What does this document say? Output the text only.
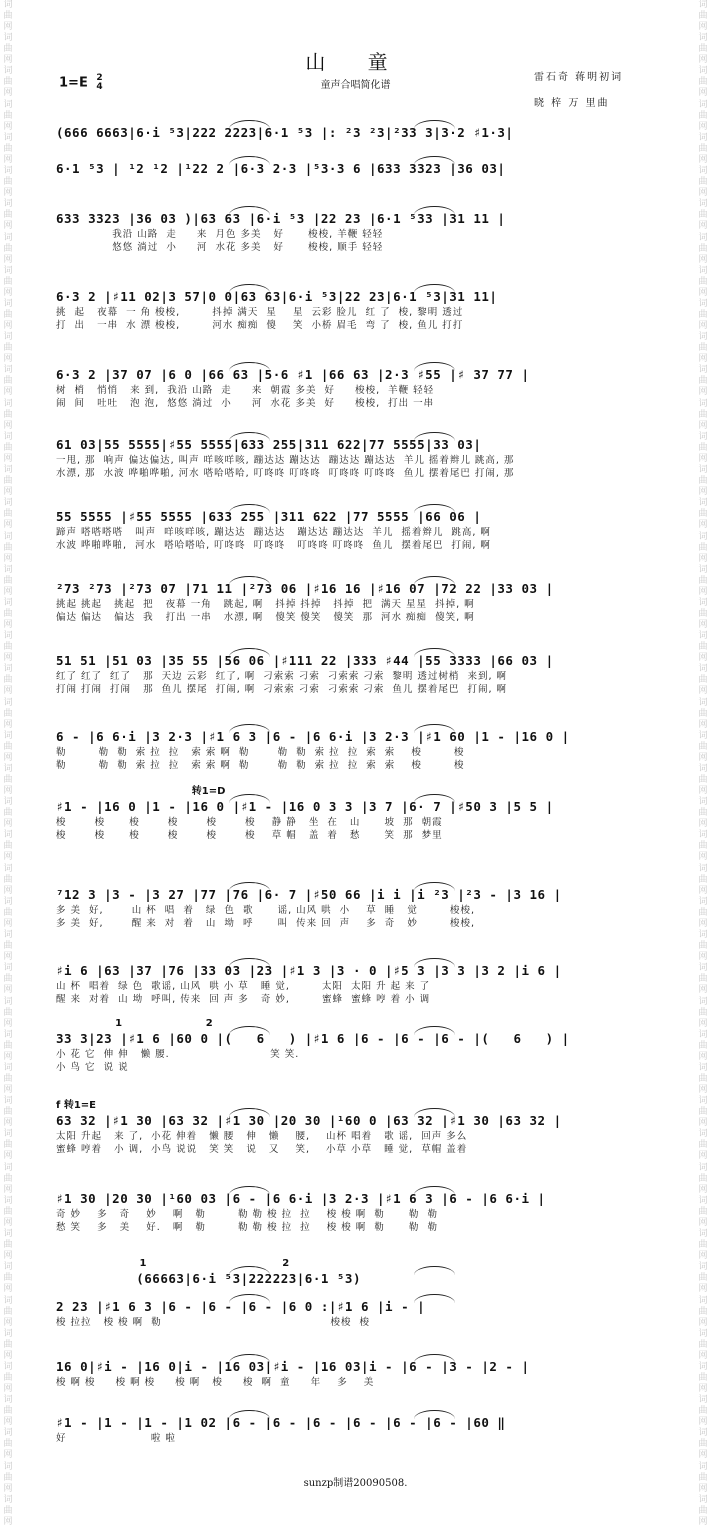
词
曲
网
词
曲
网
词
曲
网
词
曲
网
词
曲
网
词
曲
网
词
曲
网
词
曲
网
词
曲
网
词
曲
网
词
曲
网
词
曲
网
词
曲
网
词
曲
网
词
曲
网
词
曲
网
词
曲
网
词
曲
网
词
曲
网
词
曲
网
词
曲
网
词
曲
网
词
曲
网
词
曲
网
词
曲
网
词
曲
网
词
曲
网
词
曲
网
词
曲
网
词
曲
网
词
曲
网
词
曲
网
词
曲
网
词
曲
网
词
曲
网
词
曲
网
词
曲
网
词
曲
网
词
曲
网
词
曲
网
词
曲
网
词
曲
网
词
曲
网
词
曲
网
词
曲
网
词
曲
网
词
曲
网
词
曲
网
词
曲
网
词
曲
网
词
曲
网
词
曲
网
词
曲
网
词
曲
网
词
曲
网
词
曲
网
词
曲
网
词
曲
网
词
曲
网
词
曲
网
词
曲
网
词
曲
网
词
曲
网
词
曲
网
词
曲
网
词
曲
网
词
曲
网
词
曲
网
词
曲
网
词
曲
网
词
曲
网
词
曲
网
词
曲
网
词
曲
网
词
曲
网
词
曲
网
词
曲
网
词
曲
网
词
曲
网
词
曲
网
词
曲
网
词
曲
网
词
曲
网
词
曲
网
词
曲
网
词
曲
网
词
曲
网
词
曲
网
词
曲
网
词
曲
网
词
曲
网
词
曲
网
山 童
1=E 2
4	童声合唱简化谱
雷石奇 蒋明初词
晓 梓 万 里曲
(666 6663|6·i ⁵3|222 2223|6·1 ⁵3 |: ²3 ²3|²33 3|3·2 ♯1·3|
6·1 ⁵3 | ¹2 ¹2 |¹22 2 |6·3 2·3 |⁵3·3 6 |633 3323 |36 03|
633 3323 |36 03 )|63 63 |6·i ⁵3 |22 23 |6·1 ⁵33 |31 11 |
我沿 山路  走     来  月色 多美   好      梭梭, 羊鞭 轻轻
悠悠 淌过  小     河  水花 多美   好      梭梭, 顺手 轻轻
6·3 2 |♯11 02|3 57|0 0|63 63|6·i ⁵3|22 23|6·1 ⁵3|31 11|
挑  起   夜幕  一 角 梭梭,        抖掉 满天  星    星  云彩 脸儿  红 了  梭, 黎明 透过
打  出   一串  水 漂 梭梭,        河水 痴痴  傻    笑  小桥 眉毛  弯 了  梭, 鱼儿 打打
6·3 2 |37 07 |6 0 |66 63 |5·6 ♯1 |66 63 |2·3 ♯55 |♯ 37 77 |
树  梢   悄悄   来 到,  我沿 山路  走     来  朝霞 多美  好     梭梭,  羊鞭 轻轻
闹  间   吐吐   泡 泡,  悠悠 淌过  小     河  水花 多美  好     梭梭,  打出 一串
61 03|55 5555|♯55 5555|633 255|311 622|77 5555|33 03|
一甩, 那  响声 偏达偏达, 叫声 咩咳咩咳, 蹦达达 蹦达达  蹦达达 蹦达达  羊儿 摇着辫儿 跳高, 那
水漂, 那  水波 哗啪哗啪, 河水 嗒哈嗒哈, 叮咚咚 叮咚咚  叮咚咚 叮咚咚  鱼儿 摆着尾巴 打闹, 那
55 5555 |♯55 5555 |633 255 |311 622 |77 5555 |66 06 |
蹄声 嗒嗒嗒嗒   叫声  咩咳咩咳, 蹦达达  蹦达达   蹦达达 蹦达达  羊儿  摇着辫儿  跳高, 啊
水波 哗啪哗啪,  河水  嗒哈嗒哈, 叮咚咚  叮咚咚   叮咚咚 叮咚咚  鱼儿  摆着尾巴  打闹, 啊
²73 ²73 |²73 07 |71 11 |²73 06 |♯16 16 |♯16 07 |72 22 |33 03 |
挑起 挑起   挑起  把   夜幕 一角   跳起, 啊   抖掉 抖掉   抖掉  把  满天 星星  抖掉, 啊
偏达 偏达   偏达  我   打出 一串   水漂, 啊   傻笑 傻笑   傻笑  那  河水 痴痴  傻笑, 啊
51 51 |51 03 |35 55 |56 06 |♯111 22 |333 ♯44 |55 3333 |66 03 |
红了 红了  红了   那  天边 云彩  红了, 啊  刁索索 刁索  刁索索 刁索  黎明 透过树梢  来到, 啊
打闹 打闹  打闹   那  鱼儿 摆尾  打闹, 啊  刁索索 刁索  刁索索 刁索  鱼儿 摆着尾巴  打闹, 啊
6 - |6 6·i |3 2·3 |♯1 6 3 |6 - |6 6·i |3 2·3 |♯1 60 |1 - |16 0 |
勒        勒  勒  索 拉  拉   索 索 啊  勒       勒  勒  索 拉  拉  索  索    梭        梭
勒        勒  勒  索 拉  拉   索 索 啊  勒       勒  勒  索 拉  拉  索  索    梭        梭
转1=D
♯1 - |16 0 |1 - |16 0 |♯1 - |16 0 3 3 |3 7 |6· 7 |♯50 3 |5 5 |
梭       梭      梭       梭       梭       梭    静 静   坐  在   山      坡  那  朝霞
梭       梭      梭       梭       梭       梭    草 帽   盖  着   愁      笑  那  梦里
⁷12 3 |3 - |3 27 |77 |76 |6· 7 |♯50 66 |i i |i ²3 |²3 - |3 16 |
多 美  好,       山 杯  唱  着   绿  色  歌      谣, 山风 哄  小    草  睡   觉        梭梭,
多 美  好,       醒 来  对  着   山  坳  呼      叫  传来 回  声    多  奇   妙        梭梭,
♯i 6 |63 |37 |76 |33 03 |23 |♯1 3 |3 · 0 |♯5 3 |3 3 |3 2 |i 6 |
山 杯  唱着  绿 色  歌谣, 山风  哄 小 草   睡 觉,        太阳  太阳 升 起 来 了
醒 来  对着  山 坳  呼叫, 传来  回 声 多   奇 妙,        蜜蜂  蜜蜂 哼 着 小 调
1                        2
33 3|23 |♯1 6 |60 0 |(   6   ) |♯1 6 |6 - |6 - |6 - |(   6   ) |
小 花 它  伸 伸   懒 腰.                         笑 笑.
小 鸟 它  说 说
f 转1=E
63 32 |♯1 30 |63 32 |♯1 30 |20 30 |¹60 0 |63 32 |♯1 30 |63 32 |
太阳 升起   来 了,  小花 伸着   懒 腰   伸   懒    腰,    山杯 唱着   歌 谣,  回声 多么
蜜蜂 哼着   小 调,  小鸟 说说   笑 笑   说   又    笑,    小草 小草   睡 觉,  草帽 盖着
♯1 30 |20 30 |¹60 03 |6 - |6 6·i |3 2·3 |♯1 6 3 |6 - |6 6·i |
奇 妙    多   奇    妙    啊   勒        勒 勒 梭 拉  拉    梭 梭 啊  勒      勒  勒
愁 笑    多   美    好.   啊   勒        勒 勒 梭 拉  拉    梭 梭 啊  勒      勒  勒
1                                       2
(66663|6·i ⁵3|222223|6·1 ⁵3)
2 23 |♯1 6 3 |6 - |6 - |6 - |6 0 :|♯1 6 |i - |
梭 拉拉   梭 梭 啊  勒                                          梭梭  梭
16 0|♯i - |16 0|i - |16 03|♯i - |16 03|i - |6 - |3 - |2 - |
梭 啊 梭     梭 啊 梭     梭 啊   梭     梭  啊  童     年    多    美
♯1 - |1 - |1 - |1 02 |6 - |6 - |6 - |6 - |6 - |6 - |60 ‖
好                     啦 啦
sunzp制谱20090508.
